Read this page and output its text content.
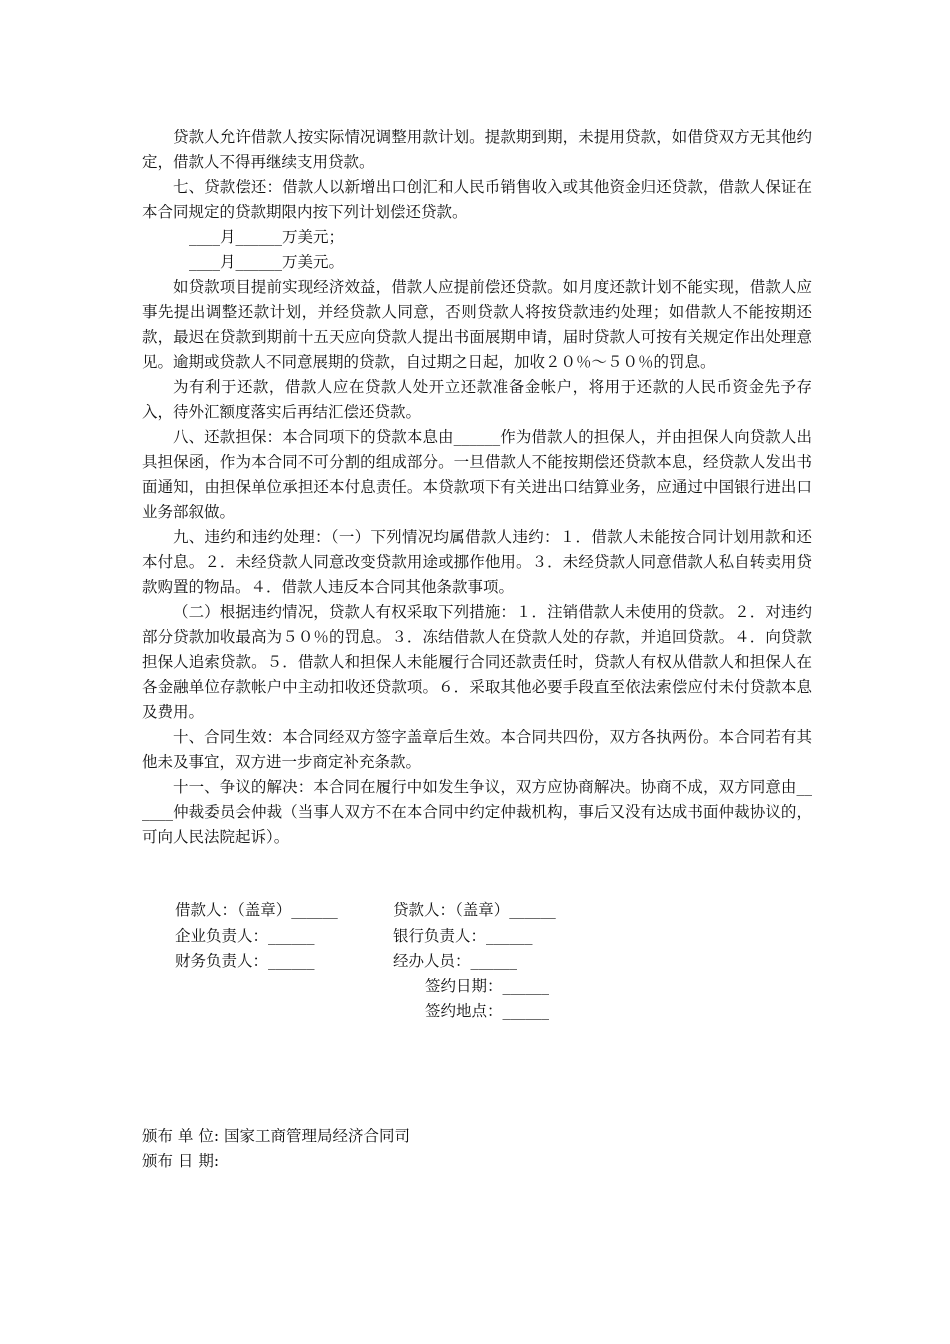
贷款人允许借款人按实际情况调整用款计划。提款期到期，未提用贷款，如借贷双方无其他约定，借款人不得再继续支用贷款。

七、贷款偿还：借款人以新增出口创汇和人民币销售收入或其他资金归还贷款，借款人保证在本合同规定的贷款期限内按下列计划偿还贷款。

____月______万美元；

____月______万美元。

如贷款项目提前实现经济效益，借款人应提前偿还贷款。如月度还款计划不能实现，借款人应事先提出调整还款计划，并经贷款人同意，否则贷款人将按贷款违约处理；如借款人不能按期还款，最迟在贷款到期前十五天应向贷款人提出书面展期申请，届时贷款人可按有关规定作出处理意见。逾期或贷款人不同意展期的贷款，自过期之日起，加收２０％～５０％的罚息。

为有利于还款，借款人应在贷款人处开立还款准备金帐户，将用于还款的人民币资金先予存入，待外汇额度落实后再结汇偿还贷款。

八、还款担保：本合同项下的贷款本息由______作为借款人的担保人，并由担保人向贷款人出具担保函，作为本合同不可分割的组成部分。一旦借款人不能按期偿还贷款本息，经贷款人发出书面通知，由担保单位承担还本付息责任。本贷款项下有关进出口结算业务，应通过中国银行进出口业务部叙做。

九、违约和违约处理：（一）下列情况均属借款人违约：１．借款人未能按合同计划用款和还本付息。２．未经贷款人同意改变贷款用途或挪作他用。３．未经贷款人同意借款人私自转卖用贷款购置的物品。４．借款人违反本合同其他条款事项。

（二）根据违约情况，贷款人有权采取下列措施：１．注销借款人未使用的贷款。２．对违约部分贷款加收最高为５０％的罚息。３．冻结借款人在贷款人处的存款，并追回贷款。４．向贷款担保人追索贷款。５．借款人和担保人未能履行合同还款责任时，贷款人有权从借款人和担保人在各金融单位存款帐户中主动扣收还贷款项。６．采取其他必要手段直至依法索偿应付未付贷款本息及费用。

十、合同生效：本合同经双方签字盖章后生效。本合同共四份，双方各执两份。本合同若有其他未及事宜，双方进一步商定补充条款。

十一、争议的解决：本合同在履行中如发生争议，双方应协商解决。协商不成，双方同意由______仲裁委员会仲裁（当事人双方不在本合同中约定仲裁机构，事后又没有达成书面仲裁协议的，可向人民法院起诉）。

借款人：（盖章）______	贷款人：（盖章）______
企业负责人：______	银行负责人：______
财务负责人：______	经办人员：______
签约日期：______
签约地点：______
颁布 单 位: 国家工商管理局经济合同司
颁布 日 期:
